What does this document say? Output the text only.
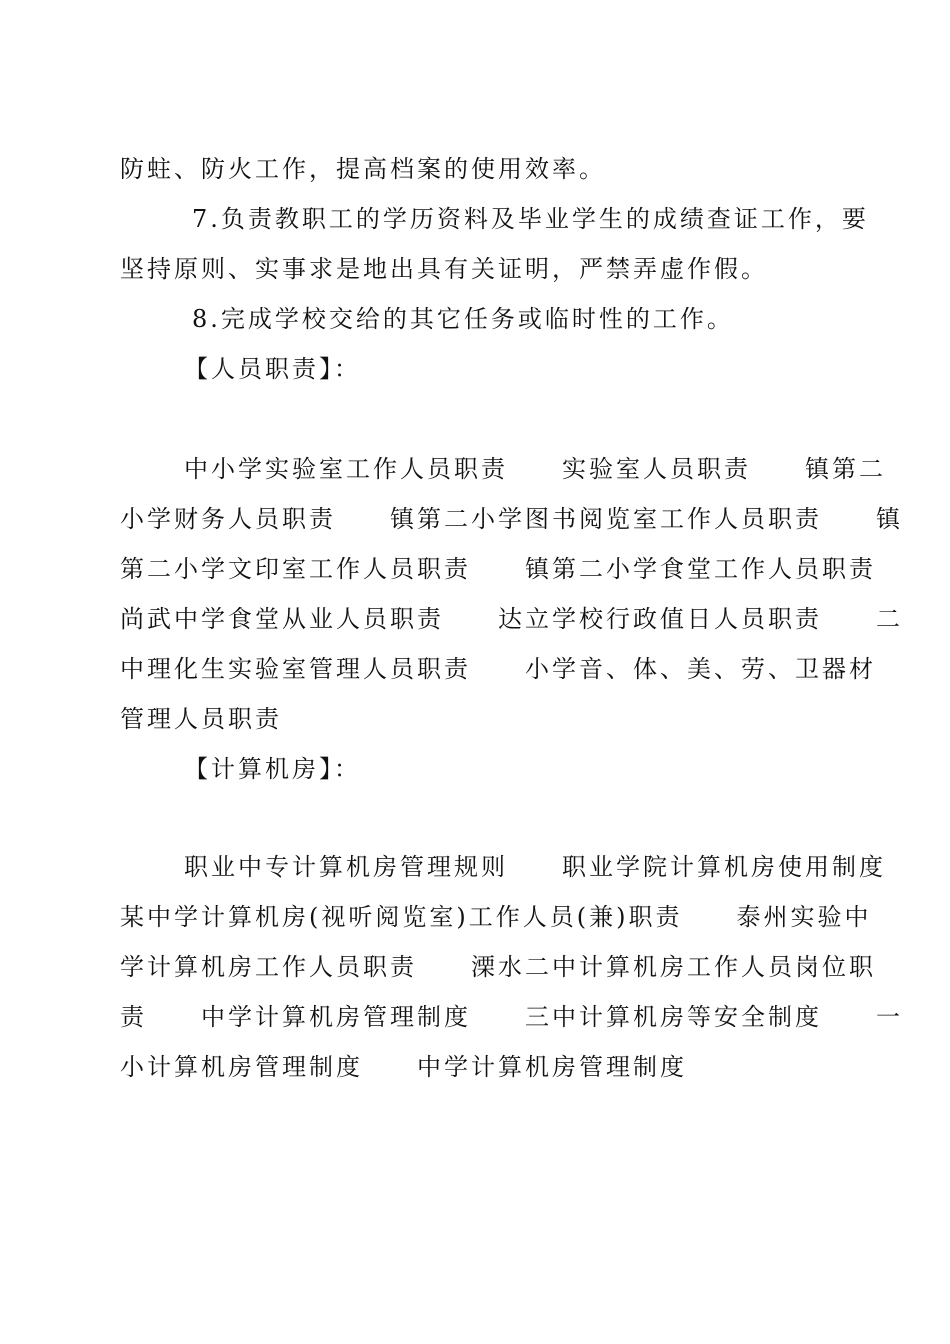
防蛀、防火工作，提高档案的使用效率。
7.负责教职工的学历资料及毕业学生的成绩查证工作，要
坚持原则、实事求是地出具有关证明，严禁弄虚作假。
8.完成学校交给的其它任务或临时性的工作。
【人员职责】：
中小学实验室工作人员职责　　实验室人员职责　　镇第二
小学财务人员职责　　镇第二小学图书阅览室工作人员职责　　镇
第二小学文印室工作人员职责　　镇第二小学食堂工作人员职责
尚武中学食堂从业人员职责　　达立学校行政值日人员职责　　二
中理化生实验室管理人员职责　　小学音、体、美、劳、卫器材
管理人员职责
【计算机房】：
职业中专计算机房管理规则　　职业学院计算机房使用制度
某中学计算机房(视听阅览室)工作人员(兼)职责　　泰州实验中
学计算机房工作人员职责　　溧水二中计算机房工作人员岗位职
责　　中学计算机房管理制度　　三中计算机房等安全制度　　一
小计算机房管理制度　　中学计算机房管理制度
